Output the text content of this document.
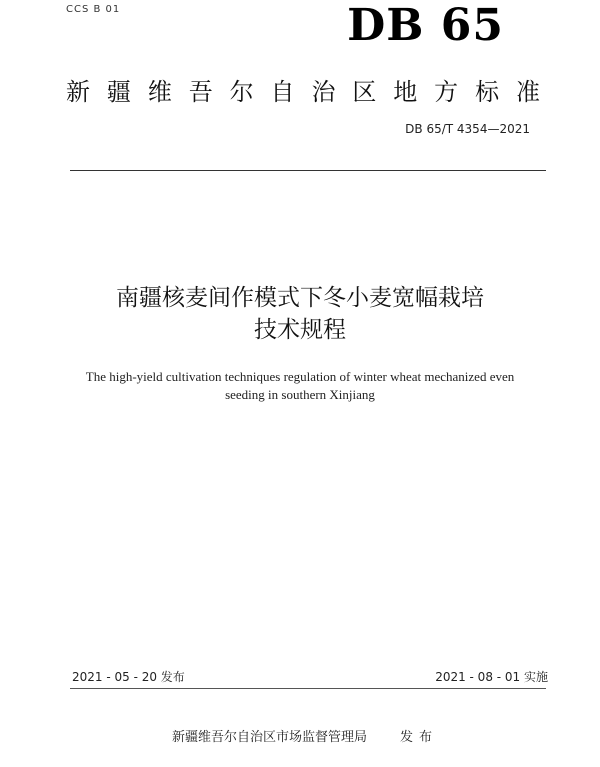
CCS B 01	DB 65
新 疆 维 吾 尔 自 治 区 地 方 标 准
DB 65/T 4354—2021
南疆核麦间作模式下冬小麦宽幅栽培
技术规程
The high-yield cultivation techniques regulation of winter wheat mechanized even
seeding in southern Xinjiang
2021 - 05 - 20 发布	2021 - 08 - 01 实施
新疆维吾尔自治区市场监督管理局	发布
